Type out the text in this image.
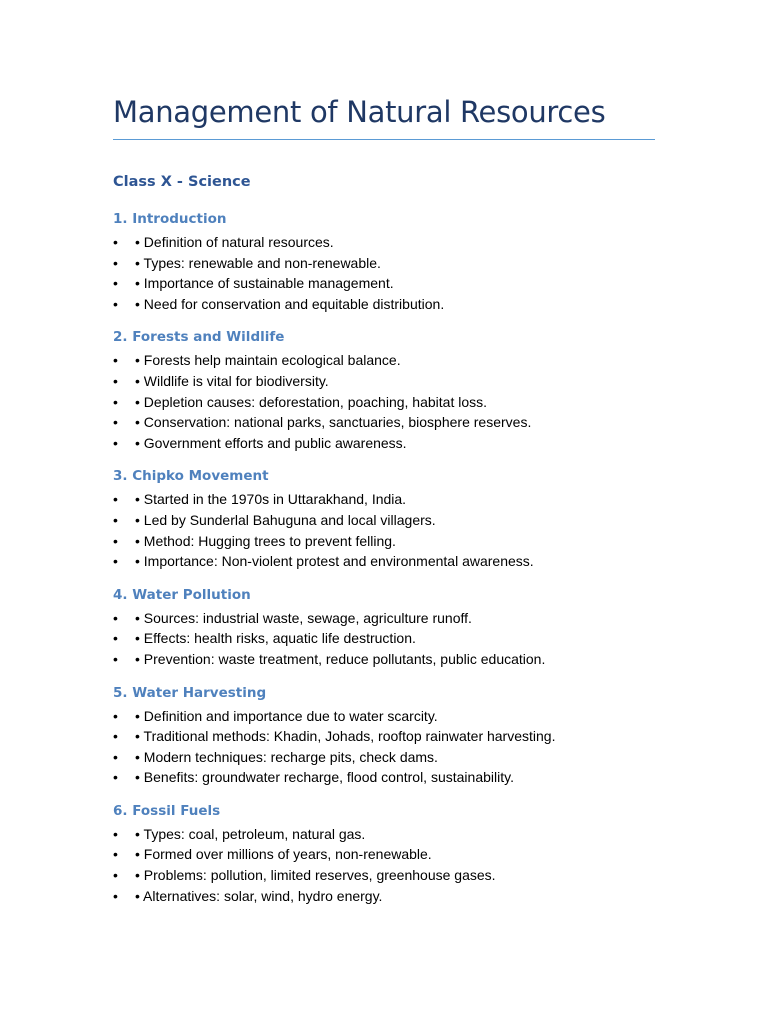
Management of Natural Resources
Class X - Science
1. Introduction
• • Definition of natural resources.
• • Types: renewable and non-renewable.
• • Importance of sustainable management.
• • Need for conservation and equitable distribution.
2. Forests and Wildlife
• • Forests help maintain ecological balance.
• • Wildlife is vital for biodiversity.
• • Depletion causes: deforestation, poaching, habitat loss.
• • Conservation: national parks, sanctuaries, biosphere reserves.
• • Government efforts and public awareness.
3. Chipko Movement
• • Started in the 1970s in Uttarakhand, India.
• • Led by Sunderlal Bahuguna and local villagers.
• • Method: Hugging trees to prevent felling.
• • Importance: Non-violent protest and environmental awareness.
4. Water Pollution
• • Sources: industrial waste, sewage, agriculture runoff.
• • Effects: health risks, aquatic life destruction.
• • Prevention: waste treatment, reduce pollutants, public education.
5. Water Harvesting
• • Definition and importance due to water scarcity.
• • Traditional methods: Khadin, Johads, rooftop rainwater harvesting.
• • Modern techniques: recharge pits, check dams.
• • Benefits: groundwater recharge, flood control, sustainability.
6. Fossil Fuels
• • Types: coal, petroleum, natural gas.
• • Formed over millions of years, non-renewable.
• • Problems: pollution, limited reserves, greenhouse gases.
• • Alternatives: solar, wind, hydro energy.
